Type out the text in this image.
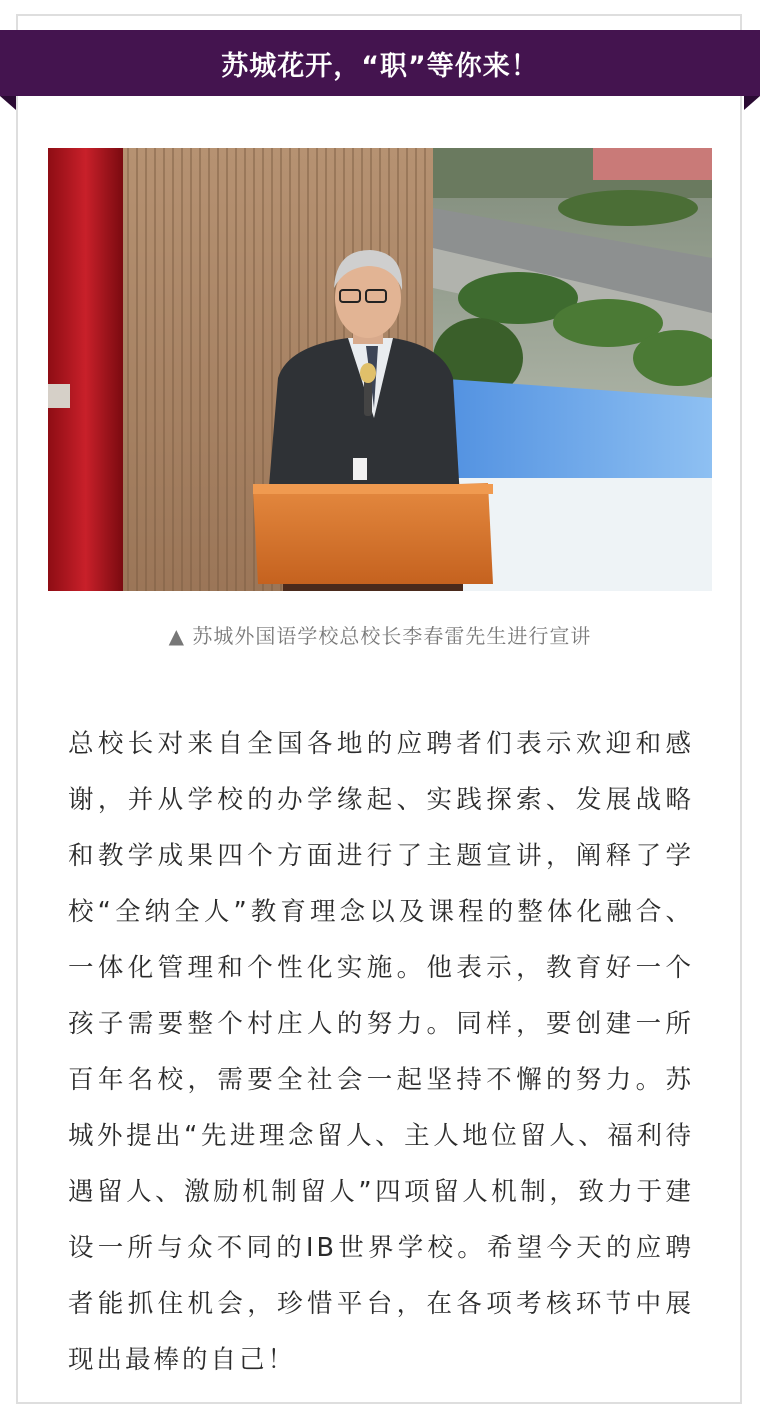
苏城花开，“职”等你来！
▲ 苏城外国语学校总校长李春雷先生进行宣讲

总校长对来自全国各地的应聘者们表示欢迎和感谢，并从学校的办学缘起、实践探索、发展战略和教学成果四个方面进行了主题宣讲，阐释了学校“全纳全人”教育理念以及课程的整体化融合、一体化管理和个性化实施。他表示，教育好一个孩子需要整个村庄人的努力。同样，要创建一所百年名校，需要全社会一起坚持不懈的努力。苏城外提出“先进理念留人、主人地位留人、福利待遇留人、激励机制留人”四项留人机制，致力于建设一所与众不同的IB世界学校。希望今天的应聘者能抓住机会，珍惜平台，在各项考核环节中展现出最棒的自己！
